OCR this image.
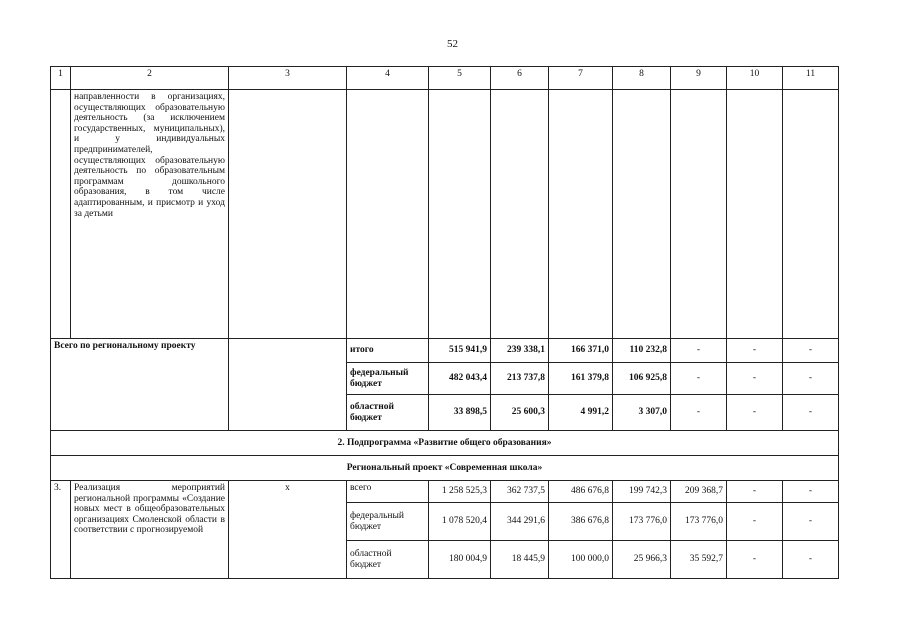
52
1	2	3	4	5	6	7	8	9	10	11
	направленности в организациях, осуществляющих образовательную деятельность (за исключением государственных, муниципальных), и у индивидуальных предпринимателей, осуществляющих образовательную деятельность по образовательным программам дошкольного образования, в том числе адаптированным, и присмотр и уход за детьми									
Всего по региональному проекту			итого	515 941,9	239 338,1	166 371,0	110 232,8	-	-	-
			федеральный бюджет	482 043,4	213 737,8	161 379,8	106 925,8	-	-	-
			областной бюджет	33 898,5	25 600,3	4 991,2	3 307,0	-	-	-
2. Подпрограмма «Развитие общего образования»										
Региональный проект «Современная школа»										
3.	Реализация мероприятий региональной программы «Создание новых мест в общеобразовательных организациях Смоленской области в соответствии с прогнозируемой	х	всего	1 258 525,3	362 737,5	486 676,8	199 742,3	209 368,7	-	-
			федеральный бюджет	1 078 520,4	344 291,6	386 676,8	173 776,0	173 776,0	-	-
			областной бюджет	180 004,9	18 445,9	100 000,0	25 966,3	35 592,7	-	-
